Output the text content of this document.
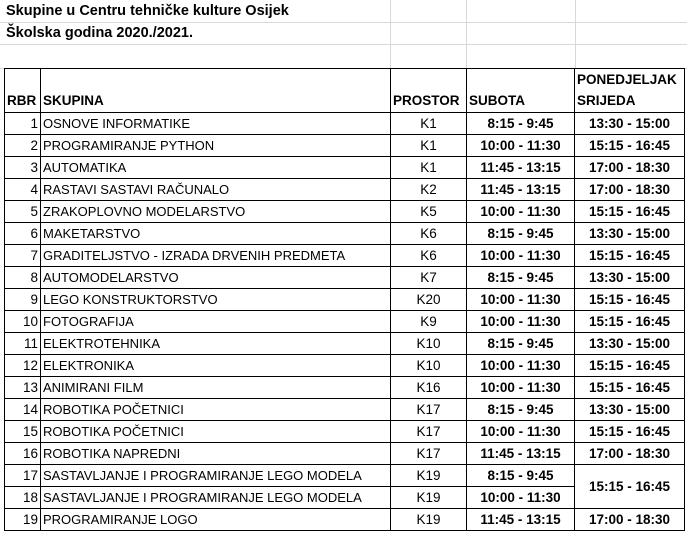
Skupine u Centru tehničke kulture Osijek
Školska godina 2020./2021.
RBR	SKUPINA	PROSTOR	SUBOTA	PONEDJELJAK
SRIJEDA
1	OSNOVE INFORMATIKE	K1	8:15 - 9:45	13:30 - 15:00
2	PROGRAMIRANJE PYTHON	K1	10:00 - 11:30	15:15 - 16:45
3	AUTOMATIKA	K1	11:45 - 13:15	17:00 - 18:30
4	RASTAVI SASTAVI RAČUNALO	K2	11:45 - 13:15	17:00 - 18:30
5	ZRAKOPLOVNO MODELARSTVO	K5	10:00 - 11:30	15:15 - 16:45
6	MAKETARSTVO	K6	8:15 - 9:45	13:30 - 15:00
7	GRADITELJSTVO - IZRADA DRVENIH PREDMETA	K6	10:00 - 11:30	15:15 - 16:45
8	AUTOMODELARSTVO	K7	8:15 - 9:45	13:30 - 15:00
9	LEGO KONSTRUKTORSTVO	K20	10:00 - 11:30	15:15 - 16:45
10	FOTOGRAFIJA	K9	10:00 - 11:30	15:15 - 16:45
11	ELEKTROTEHNIKA	K10	8:15 - 9:45	13:30 - 15:00
12	ELEKTRONIKA	K10	10:00 - 11:30	15:15 - 16:45
13	ANIMIRANI FILM	K16	10:00 - 11:30	15:15 - 16:45
14	ROBOTIKA POČETNICI	K17	8:15 - 9:45	13:30 - 15:00
15	ROBOTIKA POČETNICI	K17	10:00 - 11:30	15:15 - 16:45
16	ROBOTIKA NAPREDNI	K17	11:45 - 13:15	17:00 - 18:30
17	SASTAVLJANJE I PROGRAMIRANJE LEGO MODELA	K19	8:15 - 9:45	15:15 - 16:45
18	SASTAVLJANJE I PROGRAMIRANJE LEGO MODELA	K19	10:00 - 11:30	
19	PROGRAMIRANJE LOGO	K19	11:45 - 13:15	17:00 - 18:30
